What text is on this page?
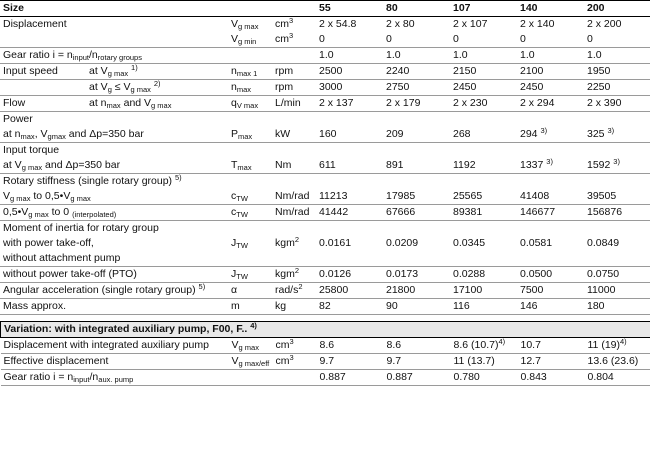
Size			55	80	107	140	200
Displacement	$V_{g max}$	$cm^3$	2 x 54.8	2 x 80	2 x 107	2 x 140	2 x 200
	$V_{g min}$	$cm^3$	0	0	0	0	0
Gear ratio $i = n_{input}/n_{rotary groups}$			1.0	1.0	1.0	1.0	1.0
Input speed at $V_{g max}$ $^{1)}$	$n_{max 1}$	rpm	2500	2240	2150	2100	1950
at $V_g \le V_{g max}$ $^{2)}$	$n_{max}$	rpm	3000	2750	2450	2450	2250
Flow at $n_{max}$ and $V_{g max}$	$q_{V max}$	L/min	2 x 137	2 x 179	2 x 230	2 x 294	2 x 390
Power							
at $n_{max}$, $V_{gmax}$ and Δp=350 bar	$P_{max}$	kW	160	209	268	294 $^{3)}$	325 $^{3)}$
Input torque							
at $V_{g max}$ and Δp=350 bar	$T_{max}$	Nm	611	891	1192	1337 $^{3)}$	1592 $^{3)}$
Rotary stiffness (single rotary group) $^{5)}$							
$V_{g max}$ to $0,5•V_{g max}$	$c_{TW}$	Nm/rad	11213	17985	25565	41408	39505
$0,5•V_{g max}$ to 0 $_{(interpolated)}$	$c_{TW}$	Nm/rad	41442	67666	89381	146677	156876
Moment of inertia for rotary group							
with power take-off,	$J_{TW}$	kgm$^2$	0.0161	0.0209	0.0345	0.0581	0.0849
without attachment pump							
without power take-off (PTO)	$J_{TW}$	kgm$^2$	0.0126	0.0173	0.0288	0.0500	0.0750
Angular acceleration (single rotary group) $^{5)}$	α	rad/$s^2$	25800	21800	17100	7500	11000
Mass approx.	m	kg	82	90	116	146	180
Variation: with integrated auxiliary pump, F00, F.. $^{4)}$
Displacement with integrated auxiliary pump	$V_{g max}$	$cm^3$	8.6	8.6	8.6 $(10.7)^{4)}$	10.7	11 $(19)^{4)}$
Effective displacement	$V_{g max/eff}$	$cm^3$	9.7	9.7	11 (13.7)	12.7	13.6 (23.6)
Gear ratio $i = n_{input}/n_{aux. pump}$			0.887	0.887	0.780	0.843	0.804
